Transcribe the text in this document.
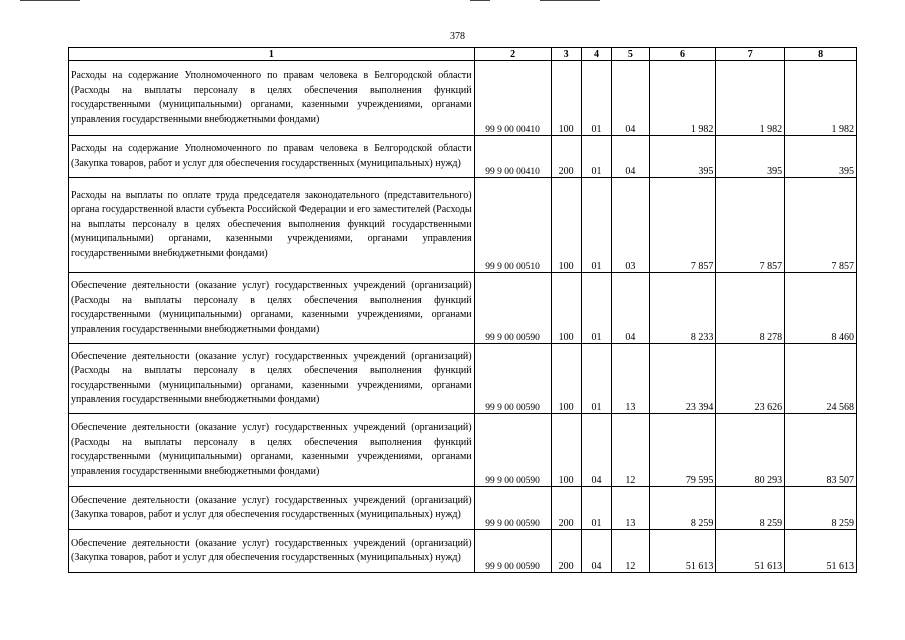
378
1	2	3	4	5	6	7	8
Расходы на содержание Уполномоченного по правам человека в Белгородской области (Расходы на выплаты персоналу в целях обеспечения выполнения функций государственными (муниципальными) органами, казенными учреждениями, органами управления государственными внебюджетными фондами)	99 9 00 00410	100	01	04	1 982	1 982	1 982
Расходы на содержание Уполномоченного по правам человека в Белгородской области (Закупка товаров, работ и услуг для обеспечения государственных (муниципальных) нужд)	99 9 00 00410	200	01	04	395	395	395
Расходы на выплаты по оплате труда председателя законодательного (представительного) органа государственной власти субъекта Российской Федерации и его заместителей (Расходы на выплаты персоналу в целях обеспечения выполнения функций государственными (муниципальными) органами, казенными учреждениями, органами управления государственными внебюджетными фондами)	99 9 00 00510	100	01	03	7 857	7 857	7 857
Обеспечение деятельности (оказание услуг) государственных учреждений (организаций) (Расходы на выплаты персоналу в целях обеспечения выполнения функций государственными (муниципальными) органами, казенными учреждениями, органами управления государственными внебюджетными фондами)	99 9 00 00590	100	01	04	8 233	8 278	8 460
Обеспечение деятельности (оказание услуг) государственных учреждений (организаций) (Расходы на выплаты персоналу в целях обеспечения выполнения функций государственными (муниципальными) органами, казенными учреждениями, органами управления государственными внебюджетными фондами)	99 9 00 00590	100	01	13	23 394	23 626	24 568
Обеспечение деятельности (оказание услуг) государственных учреждений (организаций) (Расходы на выплаты персоналу в целях обеспечения выполнения функций государственными (муниципальными) органами, казенными учреждениями, органами управления государственными внебюджетными фондами)	99 9 00 00590	100	04	12	79 595	80 293	83 507
Обеспечение деятельности (оказание услуг) государственных учреждений (организаций) (Закупка товаров, работ и услуг для обеспечения государственных (муниципальных) нужд)	99 9 00 00590	200	01	13	8 259	8 259	8 259
Обеспечение деятельности (оказание услуг) государственных учреждений (организаций) (Закупка товаров, работ и услуг для обеспечения государственных (муниципальных) нужд)	99 9 00 00590	200	04	12	51 613	51 613	51 613
